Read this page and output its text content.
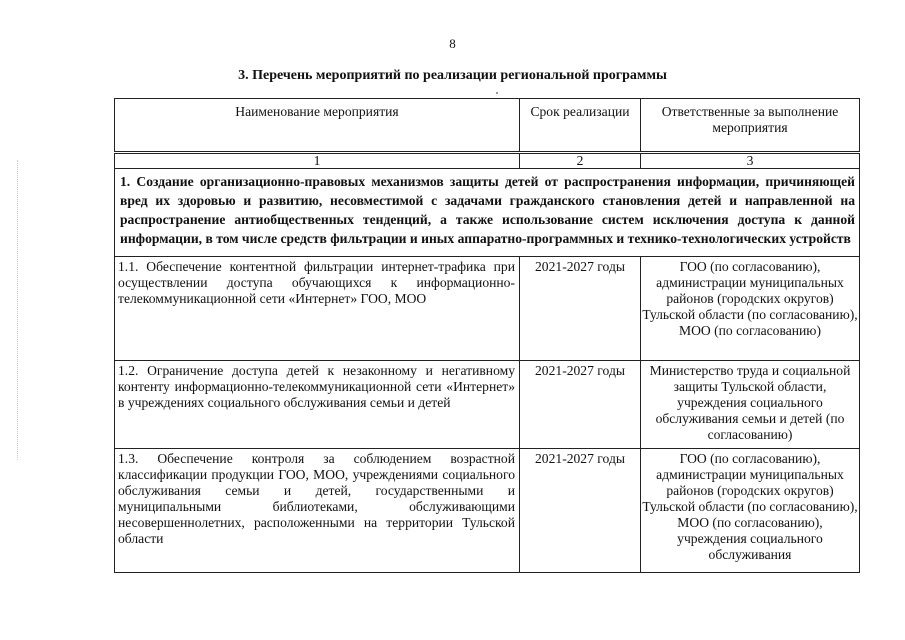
8
3. Перечень мероприятий по реализации региональной программы
Наименование мероприятия	Срок реализации	Ответственные за выполнение мероприятия
1	2	3
1. Создание организационно-правовых механизмов защиты детей от распространения информации, причиняющей вред их здоровью и развитию, несовместимой с задачами гражданского становления детей и направленной на распространение антиобщественных тенденций, а также использование систем исключения доступа к данной информации, в том числе средств фильтрации и иных аппаратно-программных и технико-технологических устройств		
1.1. Обеспечение контентной фильтрации интернет-трафика при осуществлении доступа обучающихся к информационно-телекоммуникационной сети «Интернет» ГОО, МОО	2021-2027 годы	ГОО (по согласованию), администрации муниципальных районов (городских округов) Тульской области (по согласованию), МОО (по согласованию)
1.2. Ограничение доступа детей к незаконному и негативному контенту информационно-телекоммуникационной сети «Интернет» в учреждениях социального обслуживания семьи и детей	2021-2027 годы	Министерство труда и социальной защиты Тульской области, учреждения социального обслуживания семьи и детей (по согласованию)
1.3. Обеспечение контроля за соблюдением возрастной классификации продукции ГОО, МОО, учреждениями социального обслуживания семьи и детей, государственными и муниципальными библиотеками, обслуживающими несовершеннолетних, расположенными на территории Тульской области	2021-2027 годы	ГОО (по согласованию), администрации муниципальных районов (городских округов) Тульской области (по согласованию), МОО (по согласованию), учреждения социального обслуживания
